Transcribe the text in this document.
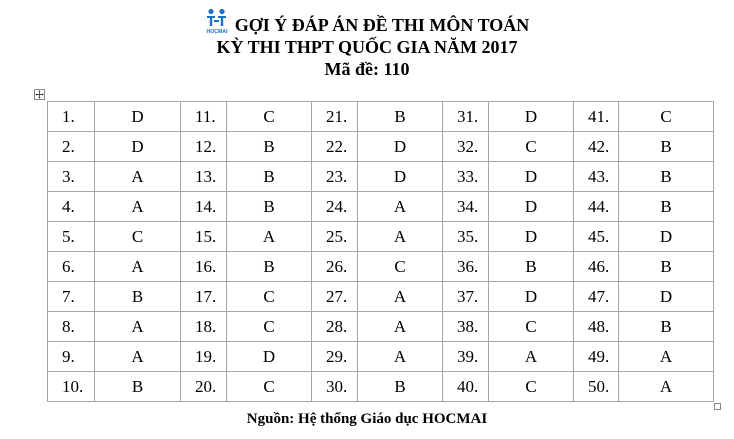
HOCMAI GỢI Ý ĐÁP ÁN ĐỀ THI MÔN TOÁN
KỲ THI THPT QUỐC GIA NĂM 2017
Mã đề: 110
1.	D	11.	C	21.	B	31.	D	41.	C
2.	D	12.	B	22.	D	32.	C	42.	B
3.	A	13.	B	23.	D	33.	D	43.	B
4.	A	14.	B	24.	A	34.	D	44.	B
5.	C	15.	A	25.	A	35.	D	45.	D
6.	A	16.	B	26.	C	36.	B	46.	B
7.	B	17.	C	27.	A	37.	D	47.	D
8.	A	18.	C	28.	A	38.	C	48.	B
9.	A	19.	D	29.	A	39.	A	49.	A
10.	B	20.	C	30.	B	40.	C	50.	A
Nguồn: Hệ thống Giáo dục HOCMAI
